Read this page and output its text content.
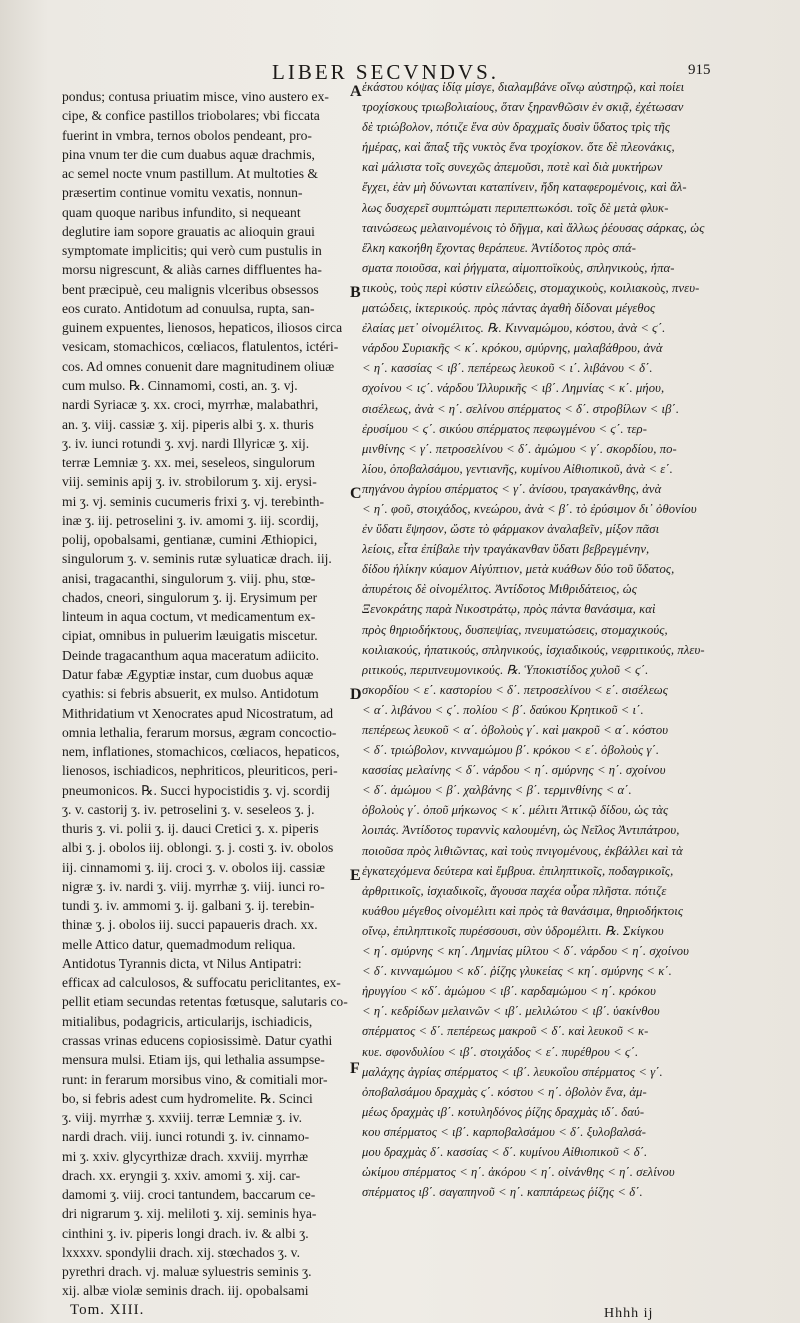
LIBER SECVNDVS.	915
pondus; contusa priuatim misce, vino austero ex-
cipe, & confice pastillos triobolares; vbi ficcata
fuerint in vmbra, ternos obolos pendeant, pro-
pina vnum ter die cum duabus aquæ drachmis,
ac semel nocte vnum pastillum. At multoties &
præsertim continue vomitu vexatis, nonnun-
quam quoque naribus infundito, si nequeant
deglutire iam sopore grauatis ac alioquin graui
symptomate implicitis; qui verò cum pustulis in
morsu nigrescunt, & aliàs carnes diffluentes ha-
bent præcipuè, ceu malignis vlceribus obsessos
eos curato. Antidotum ad conuulsa, rupta, san-
guinem expuentes, lienosos, hepaticos, iliosos circa
vesicam, stomachicos, cœliacos, flatulentos, ictéri-
cos. Ad omnes conuenit dare magnitudinem oliuæ
cum mulso. ℞. Cinnamomi, costi, an. ʒ. vj.
nardi Syriacæ ʒ. xx. croci, myrrhæ, malabathri,
an. ʒ. viij. cassiæ ʒ. xij. piperis albi ʒ. x. thuris
ʒ. iv. iunci rotundi ʒ. xvj. nardi Illyricæ ʒ. xij.
terræ Lemniæ ʒ. xx. mei, seseleos, singulorum
viij. seminis apij ʒ. iv. strobilorum ʒ. xij. erysi-
mi ʒ. vj. seminis cucumeris frixi ʒ. vj. terebinth-
inæ ʒ. iij. petroselini ʒ. iv. amomi ʒ. iij. scordij,
polij, opobalsami, gentianæ, cumini Æthiopici,
singulorum ʒ. v. seminis rutæ syluaticæ drach. iij.
anisi, tragacanthi, singulorum ʒ. viij. phu, stœ-
chados, cneori, singulorum ʒ. ij. Erysimum per
linteum in aqua coctum, vt medicamentum ex-
cipiat, omnibus in puluerim læuigatis miscetur.
Deinde tragacanthum aqua maceratum adiicito.
Datur fabæ Ægyptiæ instar, cum duobus aquæ
cyathis: si febris absuerit, ex mulso. Antidotum
Mithridatium vt Xenocrates apud Nicostratum, ad
omnia lethalia, ferarum morsus, ægram concoctio-
nem, inflationes, stomachicos, cœliacos, hepaticos,
lienosos, ischiadicos, nephriticos, pleuriticos, peri-
pneumonicos. ℞. Succi hypocistidis ʒ. vj. scordij
ʒ. v. castorij ʒ. iv. petroselini ʒ. v. seseleos ʒ. j.
thuris ʒ. vi. polii ʒ. ij. dauci Cretici ʒ. x. piperis
albi ʒ. j. obolos iij. oblongi. ʒ. j. costi ʒ. iv. obolos
iij. cinnamomi ʒ. iij. croci ʒ. v. obolos iij. cassiæ
nigræ ʒ. iv. nardi ʒ. viij. myrrhæ ʒ. viij. iunci ro-
tundi ʒ. iv. ammomi ʒ. ij. galbani ʒ. ij. terebin-
thinæ ʒ. j. obolos iij. succi papaueris drach. xx.
melle Attico datur, quemadmodum reliqua.
Antidotus Tyrannis dicta, vt Nilus Antipatri:
efficax ad calculosos, & suffocatu periclitantes, ex-
pellit etiam secundas retentas fœtusque, salutaris co-
mitialibus, podagricis, articularijs, ischiadicis,
crassas vrinas educens copiosissimè. Datur cyathi
mensura mulsi. Etiam ijs, qui lethalia assumpse-
runt: in ferarum morsibus vino, & comitiali mor-
bo, si febris adest cum hydromelite. ℞. Scinci
ʒ. viij. myrrhæ ʒ. xxviij. terræ Lemniæ ʒ. iv.
nardi drach. viij. iunci rotundi ʒ. iv. cinnamo-
mi ʒ. xxiv. glycyrthizæ drach. xxviij. myrrhæ
drach. xx. eryngii ʒ. xxiv. amomi ʒ. xij. car-
damomi ʒ. viij. croci tantundem, baccarum ce-
dri nigrarum ʒ. xij. meliloti ʒ. xij. seminis hya-
cinthini ʒ. iv. piperis longi drach. iv. & albi ʒ.
lxxxxv. spondylii drach. xij. stœchados ʒ. v.
pyrethri drach. vj. maluæ syluestris seminis ʒ.
xij. albæ violæ seminis drach. iij. opobalsami
ἑκάστου κόψας ἰδίᾳ μίσγε, διαλαμβάνε οἴνῳ αὐστηρῷ, καὶ ποίει
τροχίσκους τριωβολιαίους, ὅταν ξηρανθῶσιν ἐν σκιᾷ, ἐχέτωσαν
δὲ τριώβολον, πότιζε ἕνα σὺν δραχμαῖς δυσὶν ὕδατος τρὶς τῆς
ἡμέρας, καὶ ἅπαξ τῆς νυκτὸς ἕνα τροχίσκον. ὅτε δὲ πλεονάκις,
καὶ μάλιστα τοῖς συνεχῶς ἀπεμοῦσι, ποτὲ καὶ διὰ μυκτήρων
ἔγχει, ἐὰν μὴ δύνωνται καταπίνειν, ἤδη καταφερομένοις, καὶ ἄλ-
λως δυσχερεῖ συμπτώματι περιπεπτωκόσι. τοῖς δὲ μετὰ φλυκ-
ταινώσεως μελαινομένοις τὸ δῆγμα, καὶ ἄλλως ῥέουσας σάρκας, ὡς
ἕλκη κακοήθη ἔχοντας θεράπευε. Ἀντίδοτος πρὸς σπά-
σματα ποιοῦσα, καὶ ῥήγματα, αἱμοπτοϊκοὺς, σπληνικοὺς, ἡπα-
τικοὺς, τοὺς περὶ κύστιν εἰλεώδεις, στομαχικοὺς, κοιλιακοὺς, πνευ-
ματώδεις, ἰκτερικούς. πρὸς πάντας ἀγαθὴ δίδοναι μέγεθος
ἐλαίας μετ᾽ οἰνομέλιτος. ℞. Κινναμώμου, κόστου, ἀνὰ < ϛ΄.
νάρδου Συριακῆς < κ΄. κρόκου, σμύρνης, μαλαβάθρου, ἀνὰ
< η΄. κασσίας < ιβ΄. πεπέρεως λευκοῦ < ι΄. λιβάνου < δ΄.
σχοίνου < ιϛ΄. νάρδου Ἰλλυρικῆς < ιβ΄. Λημνίας < κ΄. μήου,
σισέλεως, ἀνὰ < η΄. σελίνου σπέρματος < δ΄. στροβίλων < ιβ΄.
ἐρυσίμου < ϛ΄. σικύου σπέρματος πεφωγμένου < ϛ΄. τερ-
μινθίνης < γ΄. πετροσελίνου < δ΄. ἀμώμου < γ΄. σκορδίου, πο-
λίου, ὀποβαλσάμου, γεντιανῆς, κυμίνου Αἰθιοπικοῦ, ἀνὰ < ε΄.
πηγάνου ἀγρίου σπέρματος < γ΄. ἀνίσου, τραγακάνθης, ἀνὰ
< η΄. φοῦ, στοιχάδος, κνεώρου, ἀνὰ < β΄. τὸ ἐρύσιμον δι᾽ ὀθονίου
ἐν ὕδατι ἕψησον, ὥστε τὸ φάρμακον ἀναλαβεῖν, μίξον πᾶσι
λείοις, εἶτα ἐπίβαλε τὴν τραγάκανθαν ὕδατι βεβρεγμένην,
δίδου ἡλίκην κύαμον Αἰγύπτιον, μετὰ κυάθων δύο τοῦ ὕδατος,
ἀπυρέτοις δὲ οἰνομέλιτος. Ἀντίδοτος Μιθριδάτειος, ὡς
Ξενοκράτης παρὰ Νικοστράτῳ, πρὸς πάντα θανάσιμα, καὶ
πρὸς θηριοδήκτους, δυσπεψίας, πνευματώσεις, στομαχικούς,
κοιλιακούς, ἡπατικούς, σπληνικούς, ἰσχιαδικούς, νεφριτικούς, πλευ-
ριτικούς, περιπνευμονικούς. ℞. Ὑποκιστίδος χυλοῦ < ϛ΄.
σκορδίου < ε΄. καστορίου < δ΄. πετροσελίνου < ε΄. σισέλεως
< α΄. λιβάνου < ϛ΄. πολίου < β΄. δαύκου Κρητικοῦ < ι΄.
πεπέρεως λευκοῦ < α΄. ὀβολοὺς γ΄. καὶ μακροῦ < α΄. κόστου
< δ΄. τριώβολον, κινναμώμου β΄. κρόκου < ε΄. ὀβολοὺς γ΄.
κασσίας μελαίνης < δ΄. νάρδου < η΄. σμύρνης < η΄. σχοίνου
< δ΄. ἀμώμου < β΄. χαλβάνης < β΄. τερμινθίνης < α΄.
ὀβολοὺς γ΄. ὀποῦ μήκωνος < κ΄. μέλιτι Ἀττικῷ δίδου, ὡς τὰς
λοιπάς. Ἀντίδοτος τυραννὶς καλουμένη, ὡς Νεῖλος Ἀντιπάτρου,
ποιοῦσα πρὸς λιθιῶντας, καὶ τοὺς πνιγομένους, ἐκβάλλει καὶ τὰ
ἐγκατεχόμενα δεύτερα καὶ ἔμβρυα. ἐπιληπτικοῖς, ποδαγρικοῖς,
ἀρθριτικοῖς, ἰσχιαδικοῖς, ἄγουσα παχέα οὖρα πλῆστα. πότιζε
κυάθου μέγεθος οἰνομέλιτι καὶ πρὸς τὰ θανάσιμα, θηριοδήκτοις
οἴνῳ, ἐπιληπτικοῖς πυρέσσουσι, σὺν ὑδρομέλιτι. ℞. Σκίγκου
< η΄. σμύρνης < κη΄. Λημνίας μίλτου < δ΄. νάρδου < η΄. σχοίνου
< δ΄. κινναμώμου < κδ΄. ῥίζης γλυκείας < κη΄. σμύρνης < κ΄.
ἠρυγγίου < κδ΄. ἀμώμου < ιβ΄. καρδαμώμου < η΄. κρόκου
< η΄. κεδρίδων μελαινῶν < ιβ΄. μελιλώτου < ιβ΄. ὑακίνθου
σπέρματος < δ΄. πεπέρεως μακροῦ < δ΄. καὶ λευκοῦ < κ-
κυε. σφονδυλίου < ιβ΄. στοιχάδος < ε΄. πυρέθρου < ϛ΄.
μαλάχης ἀγρίας σπέρματος < ιβ΄. λευκοΐου σπέρματος < γ΄.
ὀποβαλσάμου δραχμὰς ϛ΄. κόστου < η΄. ὀβολὸν ἕνα, ἀμ-
μέως δραχμὰς ιβ΄. κοτυληδόνος ῥίζης δραχμὰς ιδ΄. δαύ-
κου σπέρματος < ιβ΄. καρποβαλσάμου < δ΄. ξυλοβαλσά-
μου δραχμὰς δ΄. κασσίας < δ΄. κυμίνου Αἰθιοπικοῦ < δ΄.
ὠκίμου σπέρματος < η΄. ἀκόρου < η΄. οἰνάνθης < η΄. σελίνου
σπέρματος ιβ΄. σαγαπηνοῦ < η΄. καππάρεως ῥίζης < δ΄.
A
B
C
D
E
F
Tom. XIII.	Hhhh ij
